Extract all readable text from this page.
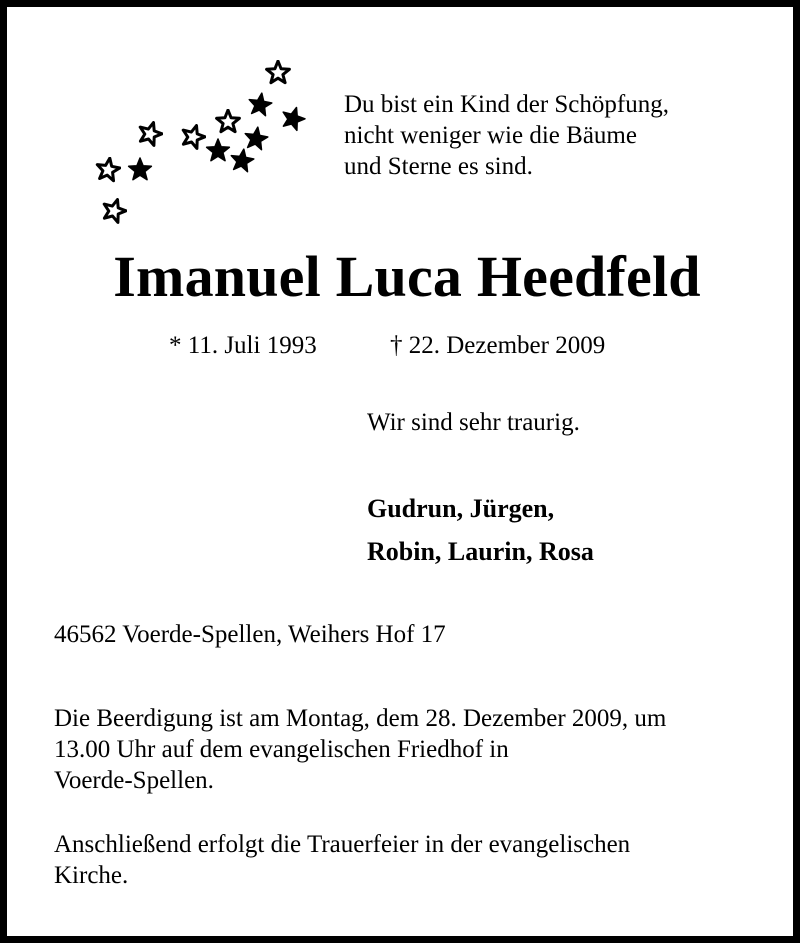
Du bist ein Kind der Schöpfung,
nicht weniger wie die Bäume
und Sterne es sind.
Imanuel Luca Heedfeld
* 11. Juli 1993	† 22. Dezember 2009
Wir sind sehr traurig.
Gudrun, Jürgen,
Robin, Laurin, Rosa
46562 Voerde-Spellen, Weihers Hof 17
Die Beerdigung ist am Montag, dem 28. Dezember 2009, um
13.00 Uhr auf dem evangelischen Friedhof in
Voerde-Spellen.
Anschließend erfolgt die Trauerfeier in der evangelischen
Kirche.
